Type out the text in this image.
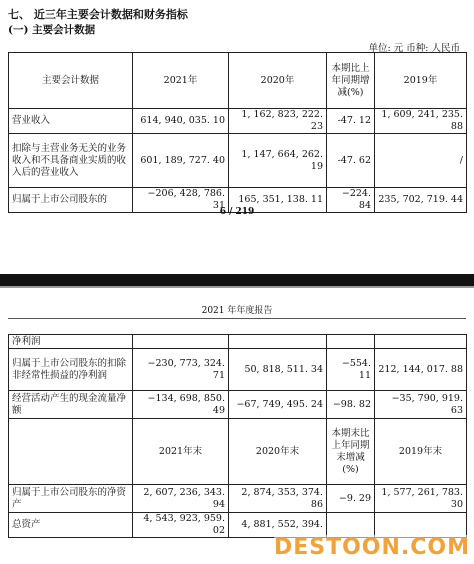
七、 近三年主要会计数据和财务指标
(一) 主要会计数据
单位: 元 币种: 人民币
主要会计数据	2021年	2020年	本期比上年同期增减(%)	2019年
营业收入	614, 940, 035. 10	1, 162, 823, 222. 23	-47. 12	1, 609, 241, 235. 88
扣除与主营业务无关的业务收入和不具备商业实质的收入后的营业收入	601, 189, 727. 40	1, 147, 664, 262. 19	-47. 62	/
归属于上市公司股东的	−206, 428, 786. 31	165, 351, 138. 11	−224. 84	235, 702, 719. 44
6 / 219
2021 年年度报告
净利润				
归属于上市公司股东的扣除非经常性损益的净利润	−230, 773, 324. 71	50, 818, 511. 34	−554. 11	212, 144, 017. 88
经营活动产生的现金流量净额	−134, 698, 850. 49	−67, 749, 495. 24	−98. 82	−35, 790, 919. 63
	2021年末	2020年末	本期末比上年同期末增减(%)	2019年末
归属于上市公司股东的净资产	2, 607, 236, 343. 94	2, 874, 353, 374. 86	−9. 29	1, 577, 261, 783. 30
总资产	4, 543, 923, 959. 02	4, 881, 552, 394.		
DESTOON.COM
